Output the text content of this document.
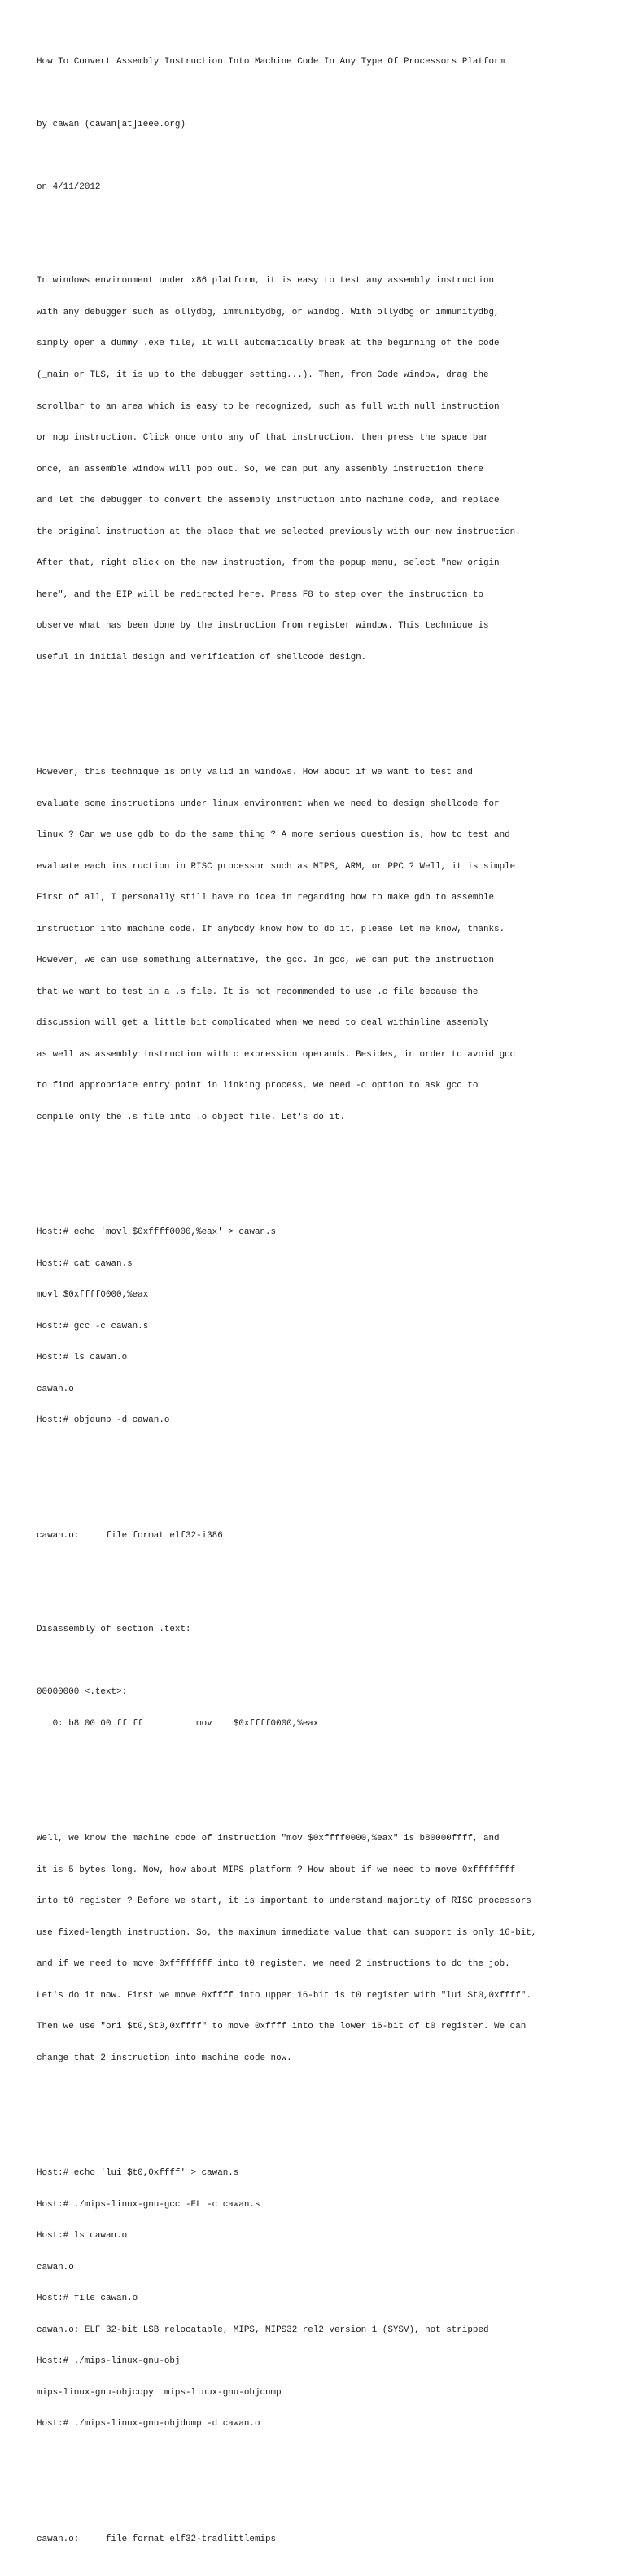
How To Convert Assembly Instruction Into Machine Code In Any Type Of Processors Platform

by cawan (cawan[at]ieee.org)

on 4/11/2012

In windows environment under x86 platform, it is easy to test any assembly instruction

with any debugger such as ollydbg, immunitydbg, or windbg. With ollydbg or immunitydbg,

simply open a dummy .exe file, it will automatically break at the beginning of the code

(_main or TLS, it is up to the debugger setting...). Then, from Code window, drag the

scrollbar to an area which is easy to be recognized, such as full with null instruction

or nop instruction. Click once onto any of that instruction, then press the space bar

once, an assemble window will pop out. So, we can put any assembly instruction there

and let the debugger to convert the assembly instruction into machine code, and replace

the original instruction at the place that we selected previously with our new instruction.

After that, right click on the new instruction, from the popup menu, select "new origin

here", and the EIP will be redirected here. Press F8 to step over the instruction to

observe what has been done by the instruction from register window. This technique is

useful in initial design and verification of shellcode design.

However, this technique is only valid in windows. How about if we want to test and

evaluate some instructions under linux environment when we need to design shellcode for

linux ? Can we use gdb to do the same thing ? A more serious question is, how to test and

evaluate each instruction in RISC processor such as MIPS, ARM, or PPC ? Well, it is simple.

First of all, I personally still have no idea in regarding how to make gdb to assemble

instruction into machine code. If anybody know how to do it, please let me know, thanks.

However, we can use something alternative, the gcc. In gcc, we can put the instruction

that we want to test in a .s file. It is not recommended to use .c file because the

discussion will get a little bit complicated when we need to deal withinline assembly

as well as assembly instruction with c expression operands. Besides, in order to avoid gcc

to find appropriate entry point in linking process, we need -c option to ask gcc to

compile only the .s file into .o object file. Let's do it.

Host:# echo 'movl $0xffff0000,%eax' > cawan.s

Host:# cat cawan.s

movl $0xffff0000,%eax

Host:# gcc -c cawan.s

Host:# ls cawan.o

cawan.o

Host:# objdump -d cawan.o

cawan.o:     file format elf32-i386

Disassembly of section .text:

00000000 <.text>:

0: b8 00 00 ff ff          mov    $0xffff0000,%eax

Well, we know the machine code of instruction "mov $0xffff0000,%eax" is b80000ffff, and

it is 5 bytes long. Now, how about MIPS platform ? How about if we need to move 0xffffffff

into t0 register ? Before we start, it is important to understand majority of RISC processors

use fixed-length instruction. So, the maximum immediate value that can support is only 16-bit,

and if we need to move 0xffffffff into t0 register, we need 2 instructions to do the job.

Let's do it now. First we move 0xffff into upper 16-bit is t0 register with "lui $t0,0xffff".

Then we use "ori $t0,$t0,0xffff" to move 0xffff into the lower 16-bit of t0 register. We can

change that 2 instruction into machine code now.

Host:# echo 'lui $t0,0xffff' > cawan.s

Host:# ./mips-linux-gnu-gcc -EL -c cawan.s

Host:# ls cawan.o

cawan.o

Host:# file cawan.o

cawan.o: ELF 32-bit LSB relocatable, MIPS, MIPS32 rel2 version 1 (SYSV), not stripped

Host:# ./mips-linux-gnu-obj

mips-linux-gnu-objcopy  mips-linux-gnu-objdump

Host:# ./mips-linux-gnu-objdump -d cawan.o

cawan.o:     file format elf32-tradlittlemips
